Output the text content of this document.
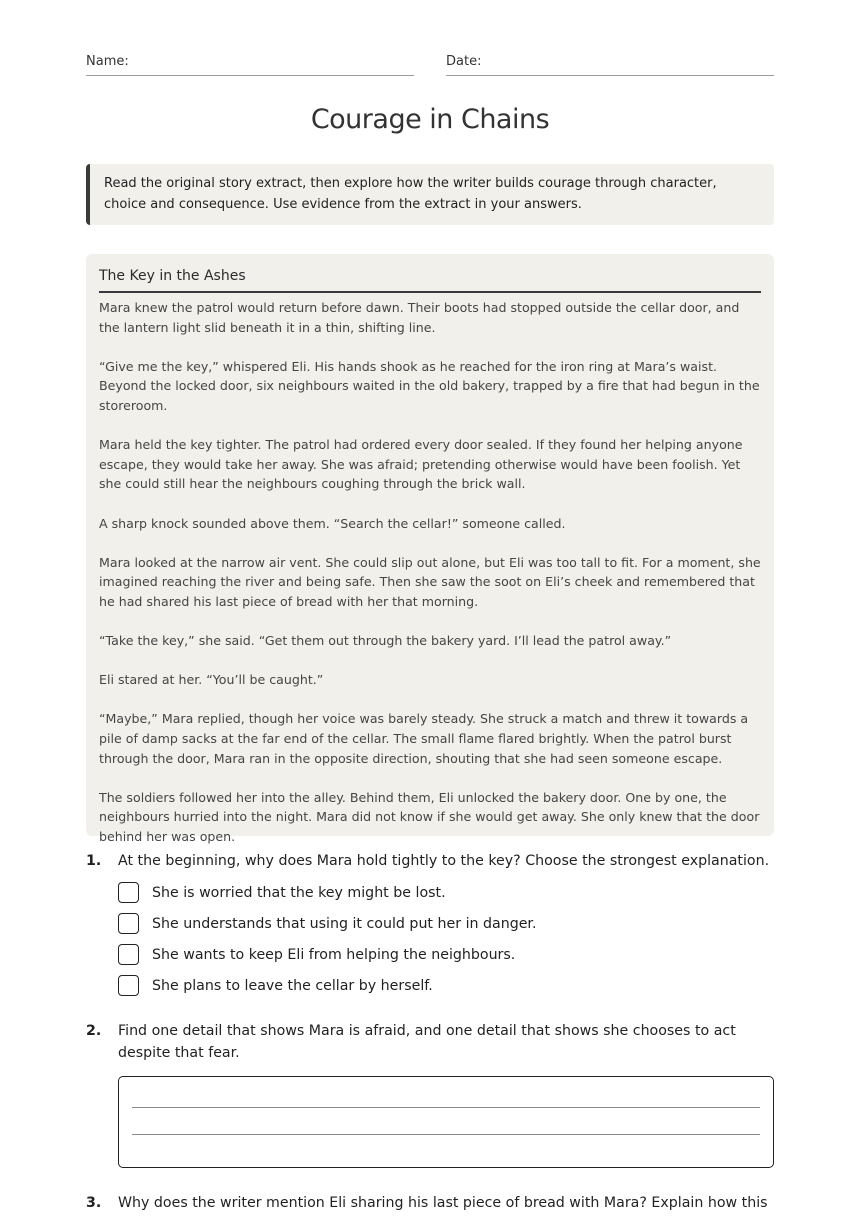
Name:	Date:
Courage in Chains
Read the original story extract, then explore how the writer builds courage through character, choice and consequence. Use evidence from the extract in your answers.
The Key in the Ashes

Mara knew the patrol would return before dawn. Their boots had stopped outside the cellar door, and the lantern light slid beneath it in a thin, shifting line.

“Give me the key,” whispered Eli. His hands shook as he reached for the iron ring at Mara’s waist. Beyond the locked door, six neighbours waited in the old bakery, trapped by a fire that had begun in the storeroom.

Mara held the key tighter. The patrol had ordered every door sealed. If they found her helping anyone escape, they would take her away. She was afraid; pretending otherwise would have been foolish. Yet she could still hear the neighbours coughing through the brick wall.

A sharp knock sounded above them. “Search the cellar!” someone called.

Mara looked at the narrow air vent. She could slip out alone, but Eli was too tall to fit. For a moment, she imagined reaching the river and being safe. Then she saw the soot on Eli’s cheek and remembered that he had shared his last piece of bread with her that morning.

“Take the key,” she said. “Get them out through the bakery yard. I’ll lead the patrol away.”

Eli stared at her. “You’ll be caught.”

“Maybe,” Mara replied, though her voice was barely steady. She struck a match and threw it towards a pile of damp sacks at the far end of the cellar. The small flame flared brightly. When the patrol burst through the door, Mara ran in the opposite direction, shouting that she had seen someone escape.

The soldiers followed her into the alley. Behind them, Eli unlocked the bakery door. One by one, the neighbours hurried into the night. Mara did not know if she would get away. She only knew that the door behind her was open.

1. At the beginning, why does Mara hold tightly to the key? Choose the strongest explanation.
She is worried that the key might be lost.
She understands that using it could put her in danger.
She wants to keep Eli from helping the neighbours.
She plans to leave the cellar by herself.
2. Find one detail that shows Mara is afraid, and one detail that shows she chooses to act despite that fear.
3. Why does the writer mention Eli sharing his last piece of bread with Mara? Explain how this
